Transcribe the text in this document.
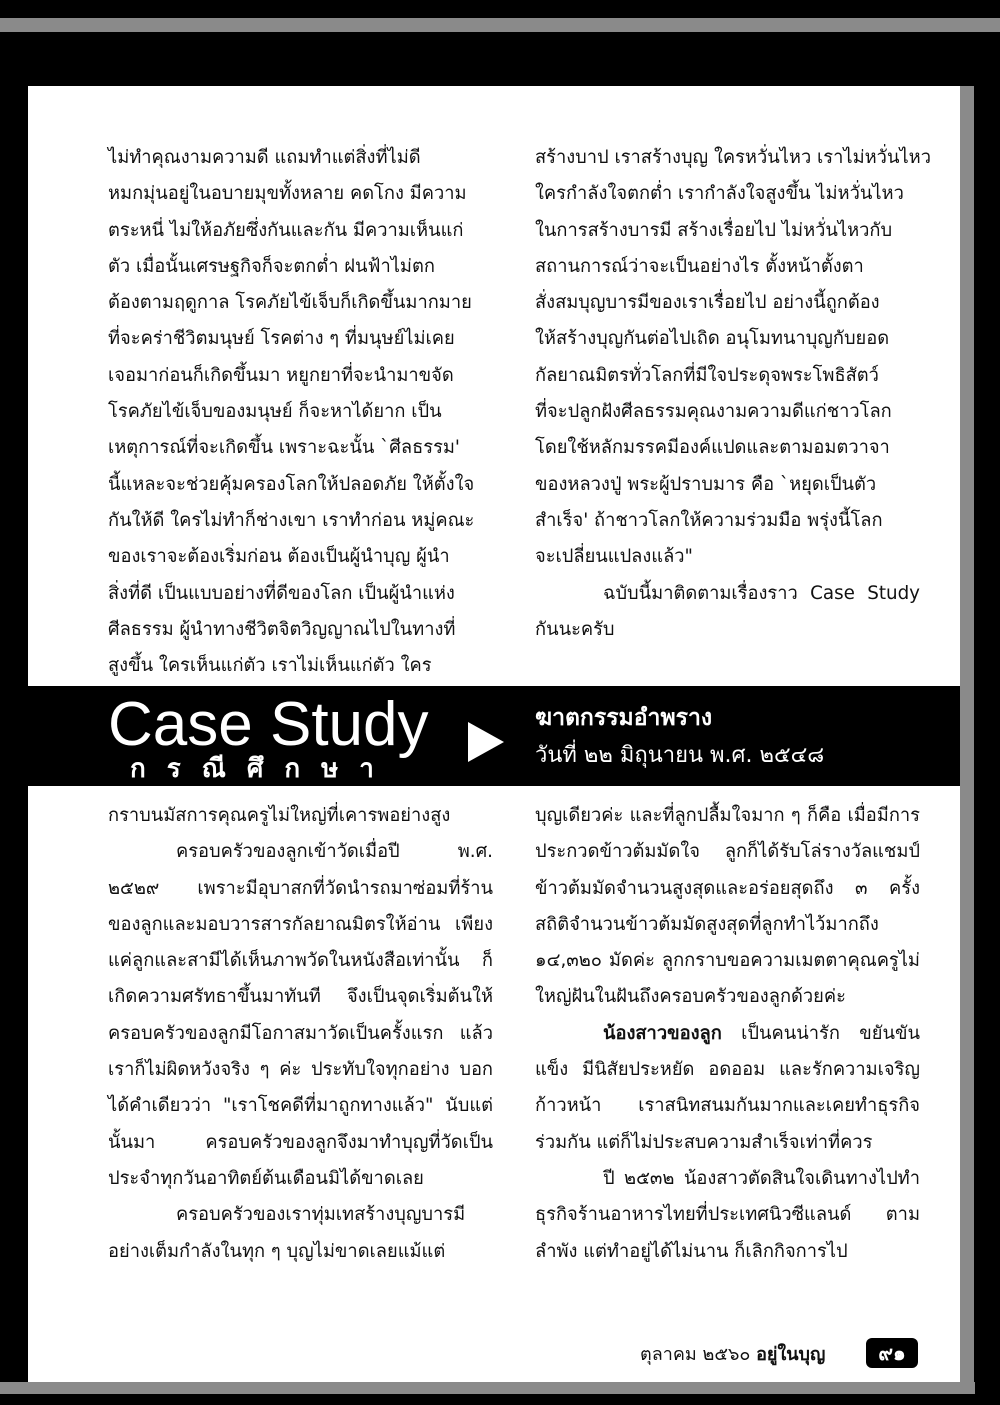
ไม่ทำคุณงามความดี แถมทำแต่สิ่งที่ไม่ดี
หมกมุ่นอยู่ในอบายมุขทั้งหลาย คดโกง มีความ
ตระหนี่ ไม่ให้อภัยซึ่งกันและกัน มีความเห็นแก่
ตัว เมื่อนั้นเศรษฐกิจก็จะตกต่ำ ฝนฟ้าไม่ตก
ต้องตามฤดูกาล โรคภัยไข้เจ็บก็เกิดขึ้นมากมาย
ที่จะคร่าชีวิตมนุษย์ โรคต่าง ๆ ที่มนุษย์ไม่เคย
เจอมาก่อนก็เกิดขึ้นมา หยูกยาที่จะนำมาขจัด
โรคภัยไข้เจ็บของมนุษย์ ก็จะหาได้ยาก เป็น
เหตุการณ์ที่จะเกิดขึ้น เพราะฉะนั้น `ศีลธรรม'
นี้แหละจะช่วยคุ้มครองโลกให้ปลอดภัย ให้ตั้งใจ
กันให้ดี ใครไม่ทำก็ช่างเขา เราทำก่อน หมู่คณะ
ของเราจะต้องเริ่มก่อน ต้องเป็นผู้นำบุญ ผู้นำ
สิ่งที่ดี เป็นแบบอย่างที่ดีของโลก เป็นผู้นำแห่ง
ศีลธรรม ผู้นำทางชีวิตจิตวิญญาณไปในทางที่
สูงขึ้น ใครเห็นแก่ตัว เราไม่เห็นแก่ตัว ใคร
สร้างบาป เราสร้างบุญ ใครหวั่นไหว เราไม่หวั่นไหว
ใครกำลังใจตกต่ำ เรากำลังใจสูงขึ้น ไม่หวั่นไหว
ในการสร้างบารมี สร้างเรื่อยไป ไม่หวั่นไหวกับ
สถานการณ์ว่าจะเป็นอย่างไร ตั้งหน้าตั้งตา
สั่งสมบุญบารมีของเราเรื่อยไป อย่างนี้ถูกต้อง
ให้สร้างบุญกันต่อไปเถิด อนุโมทนาบุญกับยอด
กัลยาณมิตรทั่วโลกที่มีใจประดุจพระโพธิสัตว์
ที่จะปลูกฝังศีลธรรมคุณงามความดีแก่ชาวโลก
โดยใช้หลักมรรคมีองค์แปดและตามอมตวาจา
ของหลวงปู่ พระผู้ปราบมาร คือ `หยุดเป็นตัว
สำเร็จ' ถ้าชาวโลกให้ความร่วมมือ พรุ่งนี้โลก
จะเปลี่ยนแปลงแล้ว"

ฉบับนี้มาติดตามเรื่องราว Case Study กันนะครับ

Case Study
กรณีศึกษา
ฆาตกรรมอำพราง
วันที่ ๒๒ มิถุนายน พ.ศ. ๒๕๔๘

กราบนมัสการคุณครูไม่ใหญ่ที่เคารพอย่างสูง

ครอบครัวของลูกเข้าวัดเมื่อปี พ.ศ. ๒๕๒๙ เพราะมีอุบาสกที่วัดนำรถมาซ่อมที่ร้านของลูกและมอบวารสารกัลยาณมิตรให้อ่าน เพียงแค่ลูกและสามีได้เห็นภาพวัดในหนังสือเท่านั้น ก็เกิดความศรัทธาขึ้นมาทันที จึงเป็นจุดเริ่มต้นให้ครอบครัวของลูกมีโอกาสมาวัดเป็นครั้งแรก แล้วเราก็ไม่ผิดหวังจริง ๆ ค่ะ ประทับใจทุกอย่าง บอกได้คำเดียวว่า "เราโชคดีที่มาถูกทางแล้ว" นับแต่นั้นมา ครอบครัวของลูกจึงมาทำบุญที่วัดเป็นประจำทุกวันอาทิตย์ต้นเดือนมิได้ขาดเลย

ครอบครัวของเราทุ่มเทสร้างบุญบารมีอย่างเต็มกำลังในทุก ๆ บุญไม่ขาดเลยแม้แต่

บุญเดียวค่ะ และที่ลูกปลื้มใจมาก ๆ ก็คือ เมื่อมีการประกวดข้าวต้มมัดใจ ลูกก็ได้รับโล่รางวัลแชมป์ข้าวต้มมัดจำนวนสูงสุดและอร่อยสุดถึง ๓ ครั้ง สถิติจำนวนข้าวต้มมัดสูงสุดที่ลูกทำไว้มากถึง ๑๔,๓๒๐ มัดค่ะ ลูกกราบขอความเมตตาคุณครูไม่ใหญ่ฝันในฝันถึงครอบครัวของลูกด้วยค่ะ

น้องสาวของลูก เป็นคนน่ารัก ขยันขันแข็ง มีนิสัยประหยัด อดออม และรักความเจริญก้าวหน้า เราสนิทสนมกันมากและเคยทำธุรกิจร่วมกัน แต่ก็ไม่ประสบความสำเร็จเท่าที่ควร

ปี ๒๕๓๒ น้องสาวตัดสินใจเดินทางไปทำธุรกิจร้านอาหารไทยที่ประเทศนิวซีแลนด์ ตามลำพัง แต่ทำอยู่ได้ไม่นาน ก็เลิกกิจการไป

ตุลาคม ๒๕๖๐ อยู่ในบุญ	๙๑
